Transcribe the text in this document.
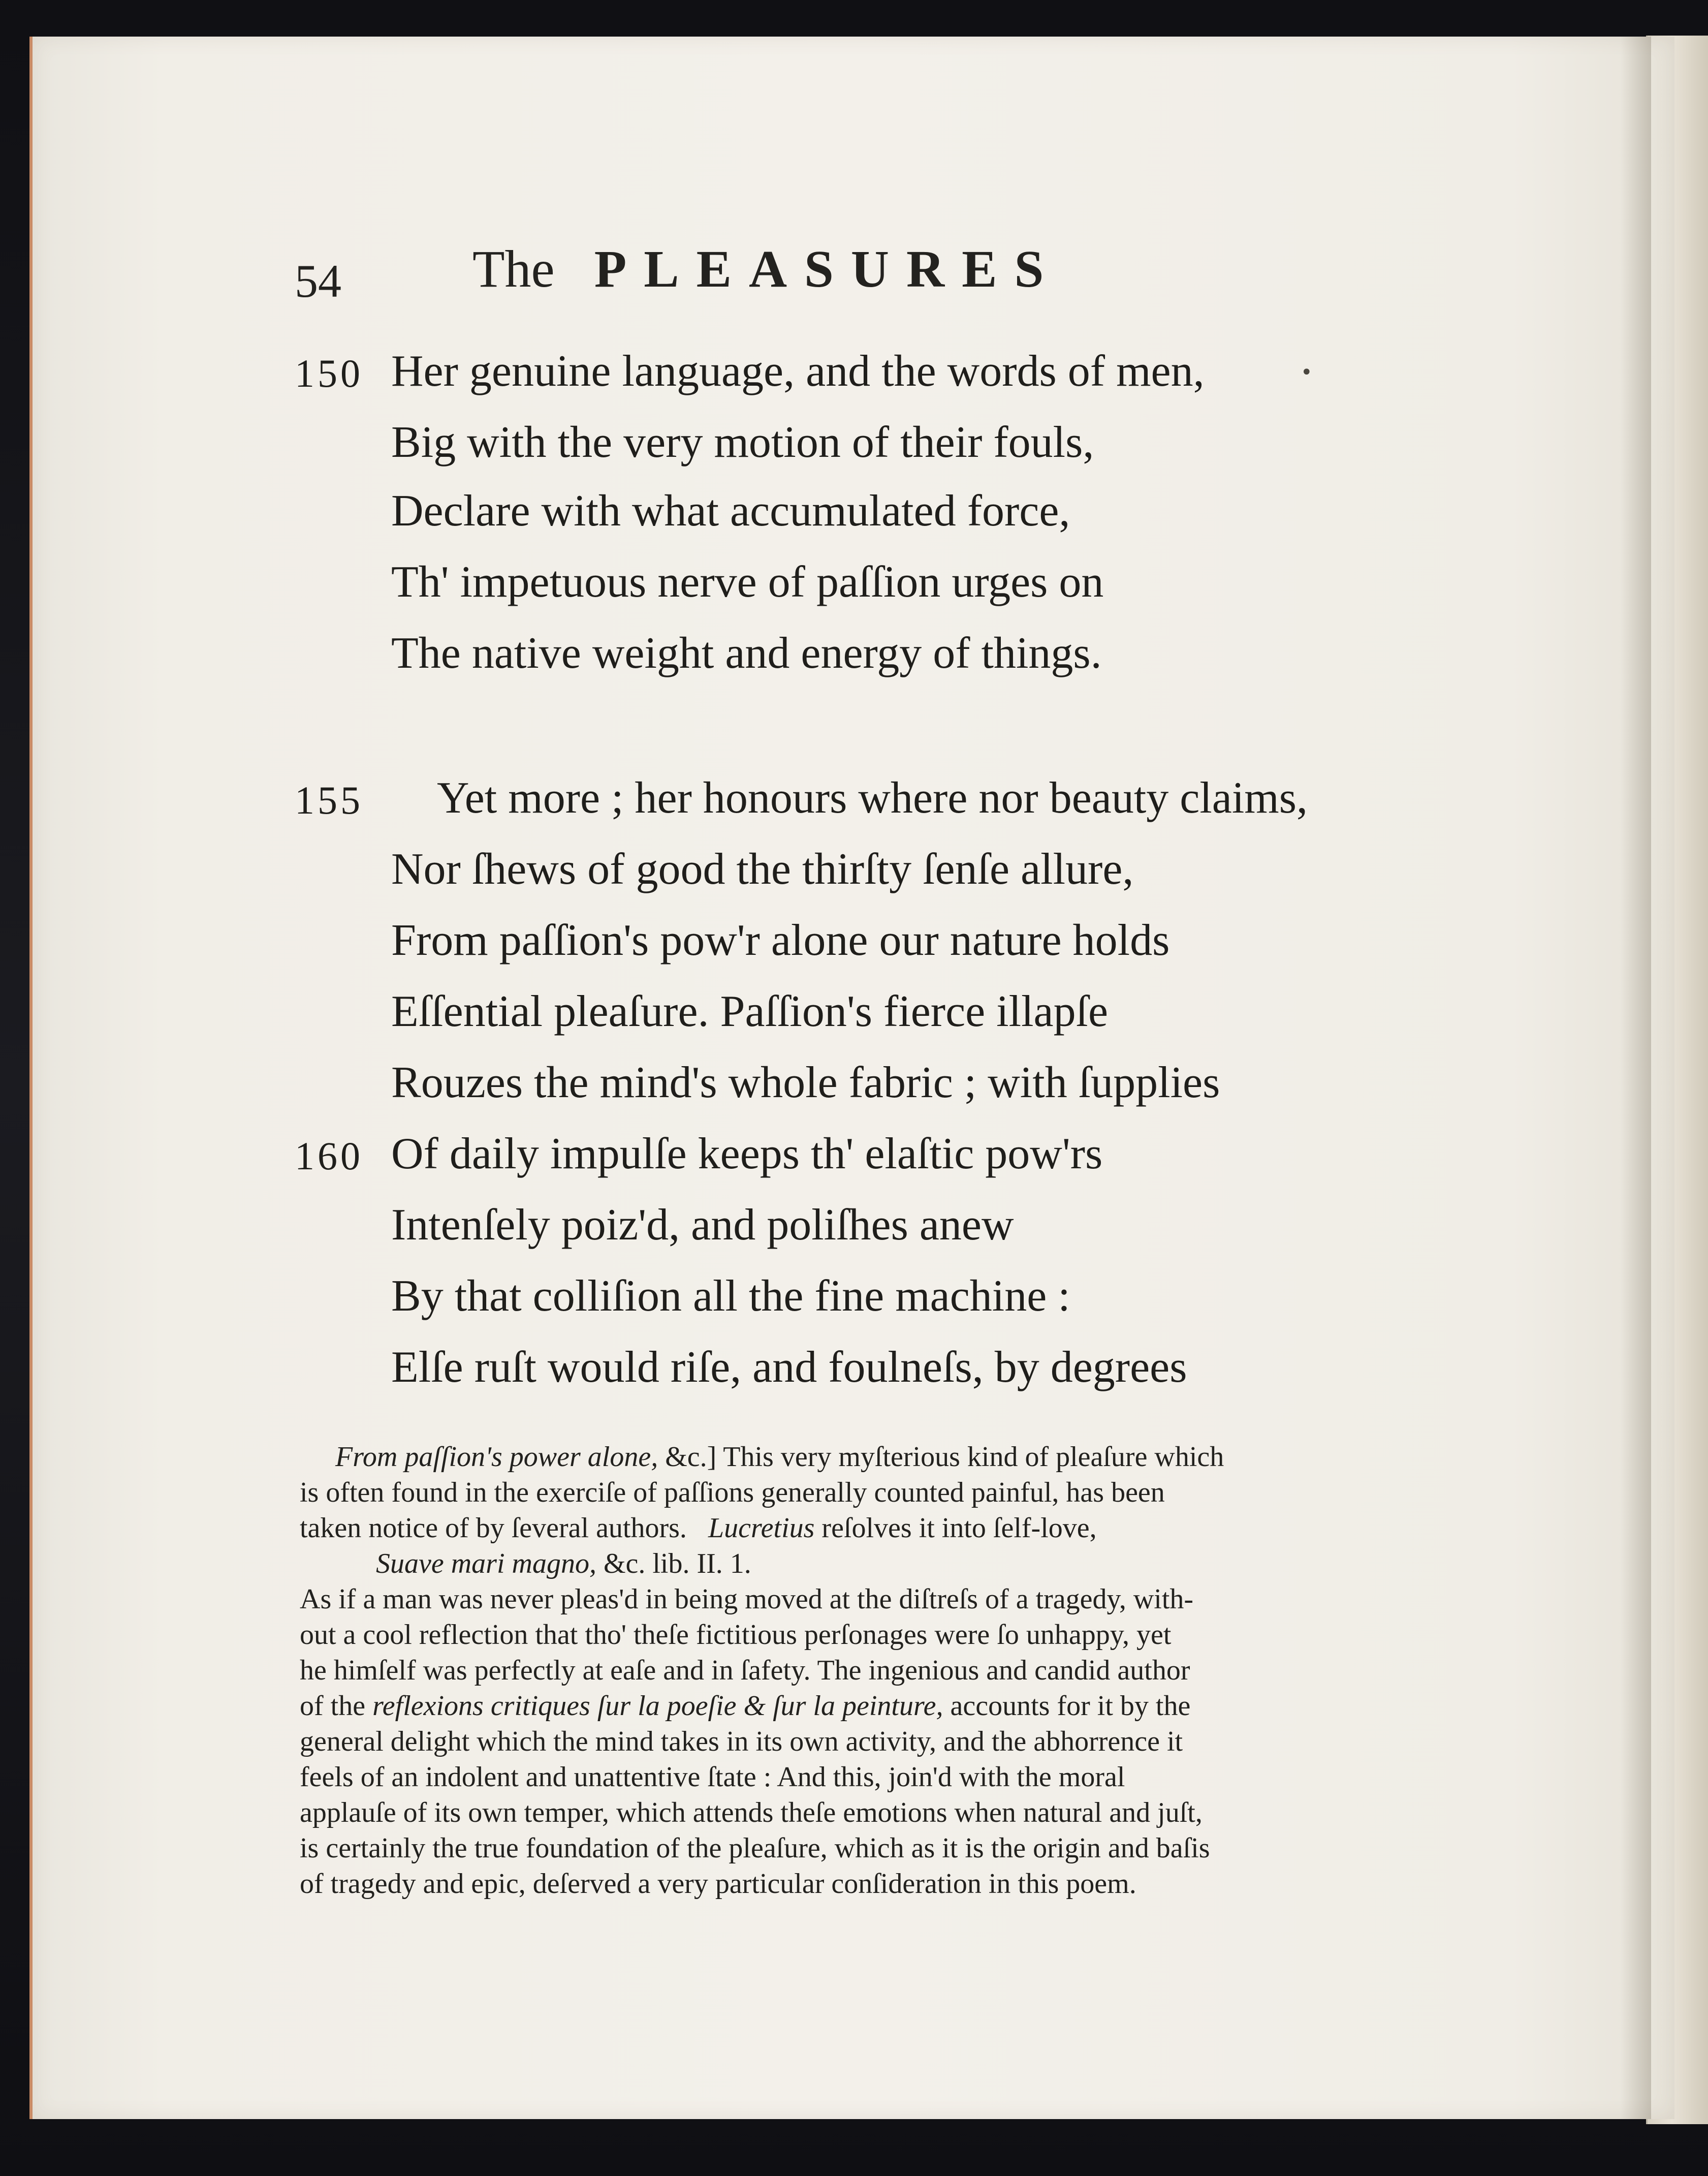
54 The PLEASURES
150 Her genuine language, and the words of men,	•
Big with the very motion of their fouls,
Declare with what accumulated force,
Th' impetuous nerve of paſſion urges on
The native weight and energy of things.
155 Yet more ; her honours where nor beauty claims,
Nor ſhews of good the thirſty ſenſe allure,
From paſſion's pow'r alone our nature holds
Eſſential pleaſure. Paſſion's fierce illapſe
Rouzes the mind's whole fabric ; with ſupplies
160 Of daily impulſe keeps th' elaſtic pow'rs
Intenſely poiz'd, and poliſhes anew
By that colliſion all the fine machine :
Elſe ruſt would riſe, and foulneſs, by degrees
From paſſion's power alone, &c.] This very myſterious kind of pleaſure which
is often found in the exerciſe of paſſions generally counted painful, has been
taken notice of by ſeveral authors. Lucretius reſolves it into ſelf-love,
Suave mari magno, &c. lib. II. 1.
As if a man was never pleas'd in being moved at the diſtreſs of a tragedy, with-
out a cool reflection that tho' theſe fictitious perſonages were ſo unhappy, yet
he himſelf was perfectly at eaſe and in ſafety. The ingenious and candid author
of the reflexions critiques ſur la poeſie & ſur la peinture, accounts for it by the
general delight which the mind takes in its own activity, and the abhorrence it
feels of an indolent and unattentive ſtate : And this, join'd with the moral
applauſe of its own temper, which attends theſe emotions when natural and juſt,
is certainly the true foundation of the pleaſure, which as it is the origin and baſis
of tragedy and epic, deſerved a very particular conſideration in this poem.
